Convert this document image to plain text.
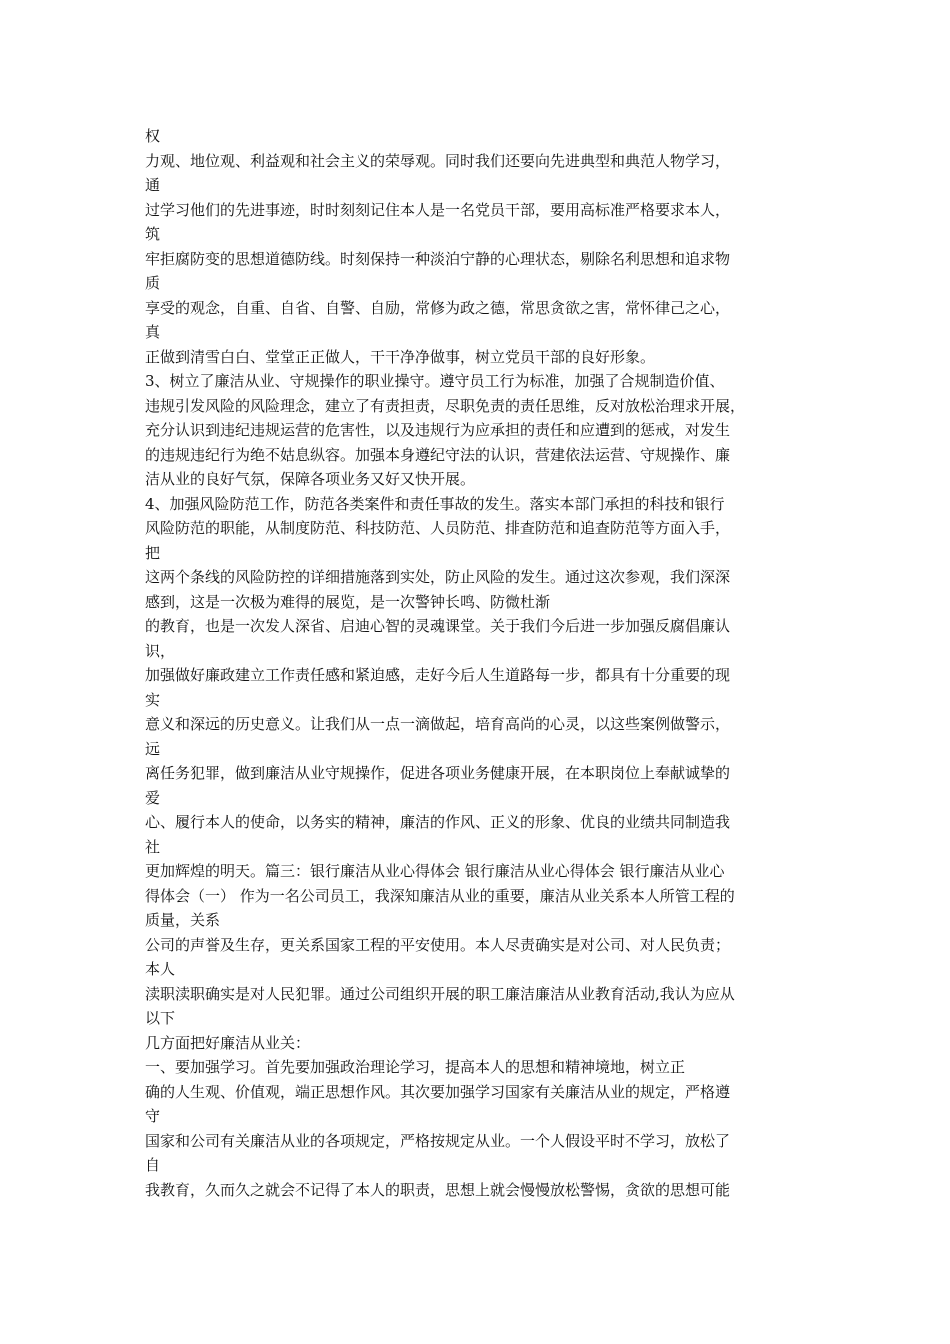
权
力观、地位观、利益观和社会主义的荣辱观。同时我们还要向先进典型和典范人物学习，
通
过学习他们的先进事迹，时时刻刻记住本人是一名党员干部，要用高标准严格要求本人，
筑
牢拒腐防变的思想道德防线。时刻保持一种淡泊宁静的心理状态，剔除名利思想和追求物
质
享受的观念，自重、自省、自警、自励，常修为政之德，常思贪欲之害，常怀律己之心，
真
正做到清雪白白、堂堂正正做人，干干净净做事，树立党员干部的良好形象。
3、树立了廉洁从业、守规操作的职业操守。遵守员工行为标准，加强了合规制造价值、
违规引发风险的风险理念，建立了有责担责，尽职免责的责任思维，反对放松治理求开展，
充分认识到违纪违规运营的危害性，以及违规行为应承担的责任和应遭到的惩戒，对发生
的违规违纪行为绝不姑息纵容。加强本身遵纪守法的认识，营建依法运营、守规操作、廉
洁从业的良好气氛，保障各项业务又好又快开展。
4、加强风险防范工作，防范各类案件和责任事故的发生。落实本部门承担的科技和银行
风险防范的职能，从制度防范、科技防范、人员防范、排查防范和追查防范等方面入手，
把
这两个条线的风险防控的详细措施落到实处，防止风险的发生。通过这次参观，我们深深
感到，这是一次极为难得的展览，是一次警钟长鸣、防微杜渐
的教育，也是一次发人深省、启迪心智的灵魂课堂。关于我们今后进一步加强反腐倡廉认
识，
加强做好廉政建立工作责任感和紧迫感，走好今后人生道路每一步，都具有十分重要的现
实
意义和深远的历史意义。让我们从一点一滴做起，培育高尚的心灵，以这些案例做警示，
远
离任务犯罪，做到廉洁从业守规操作，促进各项业务健康开展，在本职岗位上奉献诚挚的
爱
心、履行本人的使命，以务实的精神，廉洁的作风、正义的形象、优良的业绩共同制造我
社
更加辉煌的明天。篇三：银行廉洁从业心得体会 银行廉洁从业心得体会 银行廉洁从业心
得体会（一） 作为一名公司员工，我深知廉洁从业的重要，廉洁从业关系本人所管工程的
质量，关系
公司的声誉及生存，更关系国家工程的平安使用。本人尽责确实是对公司、对人民负责；
本人
渎职渎职确实是对人民犯罪。通过公司组织开展的职工廉洁廉洁从业教育活动,我认为应从
以下
几方面把好廉洁从业关：
一、要加强学习。首先要加强政治理论学习，提高本人的思想和精神境地，树立正
确的人生观、价值观，端正思想作风。其次要加强学习国家有关廉洁从业的规定，严格遵
守
国家和公司有关廉洁从业的各项规定，严格按规定从业。一个人假设平时不学习，放松了
自
我教育，久而久之就会不记得了本人的职责，思想上就会慢慢放松警惕，贪欲的思想可能
